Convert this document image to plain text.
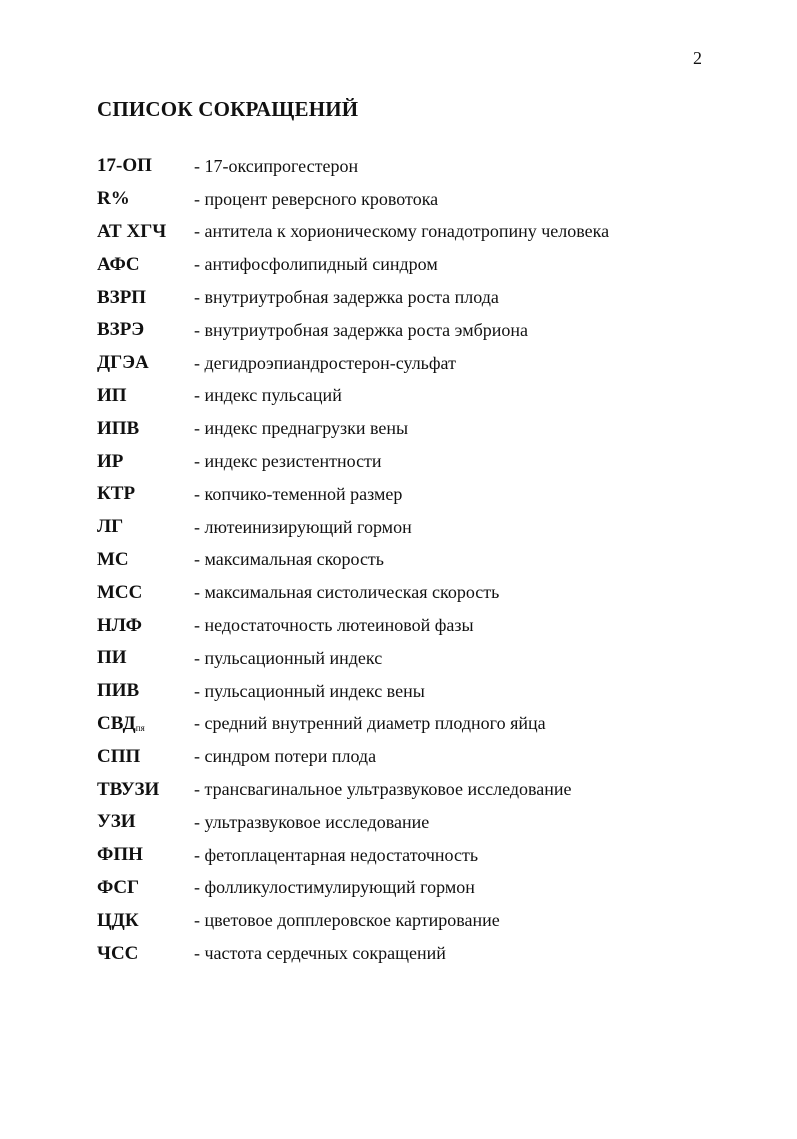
2
СПИСОК СОКРАЩЕНИЙ
17-ОП	- 17-оксипрогестерон
R%	- процент реверсного кровотока
АТ ХГЧ	- антитела к хорионическому гонадотропину человека
АФС	- антифосфолипидный синдром
ВЗРП	- внутриутробная задержка роста плода
ВЗРЭ	- внутриутробная задержка роста эмбриона
ДГЭА	- дегидроэпиандростерон-сульфат
ИП	- индекс пульсаций
ИПВ	- индекс преднагрузки вены
ИР	- индекс резистентности
КТР	- копчико-теменной размер
ЛГ	- лютеинизирующий гормон
МС	- максимальная скорость
МСС	- максимальная систолическая скорость
НЛФ	- недостаточность лютеиновой фазы
ПИ	- пульсационный индекс
ПИВ	- пульсационный индекс вены
$СВД_{пя}$	- средний внутренний диаметр плодного яйца
СПП	- синдром потери плода
ТВУЗИ	- трансвагинальное ультразвуковое исследование
УЗИ	- ультразвуковое исследование
ФПН	- фетоплацентарная недостаточность
ФСГ	- фолликулостимулирующий гормон
ЦДК	- цветовое допплеровское картирование
ЧСС	- частота сердечных сокращений
